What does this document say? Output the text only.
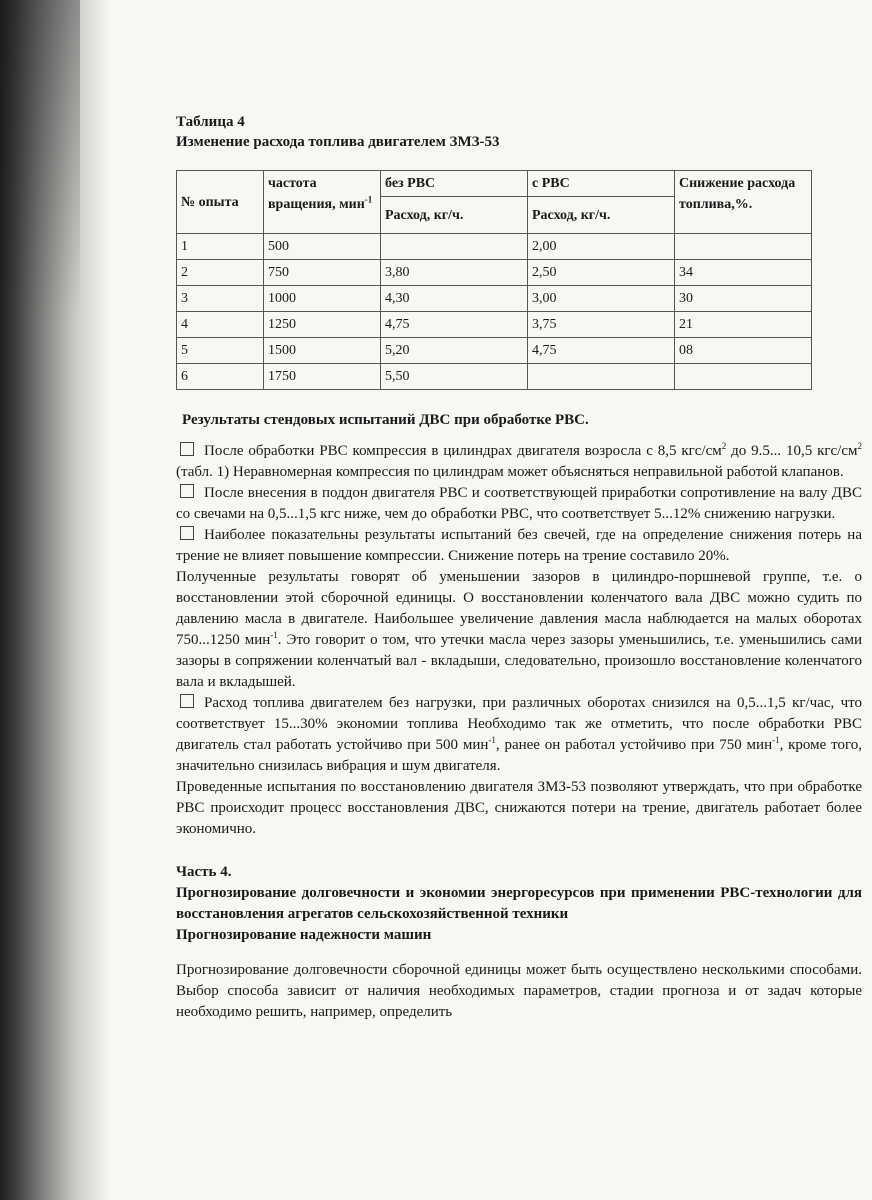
Таблица 4

Изменение расхода топлива двигателем ЗМЗ-53

№ опыта	частота вращения, мин$^{-1}$	без РВС	с РВС	Снижение расхода топлива,%.
		Расход, кг/ч.	Расход, кг/ч.	
1	500		2,00	
2	750	3,80	2,50	34
3	1000	4,30	3,00	30
4	1250	4,75	3,75	21
5	1500	5,20	4,75	08
6	1750	5,50		
Результаты стендовых испытаний ДВС при обработке РВС.

После обработки РВС компрессия в цилиндрах двигателя возросла с 8,5 кгс/$см^2$ до 9.5... 10,5 кгс/$см^2$ (табл. 1) Неравномерная компрессия по цилиндрам может объясняться неправильной работой клапанов.

После внесения в поддон двигателя РВС и соответствующей приработки сопротивление на валу ДВС со свечами на 0,5...1,5 кгс ниже, чем до обработки РВС, что соответствует 5...12% снижению нагрузки.

Наиболее показательны результаты испытаний без свечей, где на определение снижения потерь на трение не влияет повышение компрессии. Снижение потерь на трение составило 20%.

Полученные результаты говорят об уменьшении зазоров в цилиндро-поршневой группе, т.е. о восстановлении этой сборочной единицы. О восстановлении коленчатого вала ДВС можно судить по давлению масла в двигателе. Наибольшее увеличение давления масла наблюдается на малых оборотах 750...1250 мин$^{-1}$. Это говорит о том, что утечки масла через зазоры уменьшились, т.е. уменьшились сами зазоры в сопряжении коленчатый вал - вкладыши, следовательно, произошло восстановление коленчатого вала и вкладышей.

Расход топлива двигателем без нагрузки, при различных оборотах снизился на 0,5...1,5 кг/час, что соответствует 15...30% экономии топлива Необходимо так же отметить, что после обработки РВС двигатель стал работать устойчиво при 500 мин$^{-1}$, ранее он работал устойчиво при 750 мин$^{-1}$, кроме того, значительно снизилась вибрация и шум двигателя.

Проведенные испытания по восстановлению двигателя ЗМЗ-53 позволяют утверждать, что при обработке РВС происходит процесс восстановления ДВС, снижаются потери на трение, двигатель работает более экономично.

Часть 4.
Прогнозирование долговечности и экономии энергоресурсов при применении РВС-технологии для восстановления агрегатов сельскохозяйственной техники
Прогнозирование надежности машин

Прогнозирование долговечности сборочной единицы может быть осуществлено несколькими способами. Выбор способа зависит от наличия необходимых параметров, стадии прогноза и от задач которые необходимо решить, например, определить
